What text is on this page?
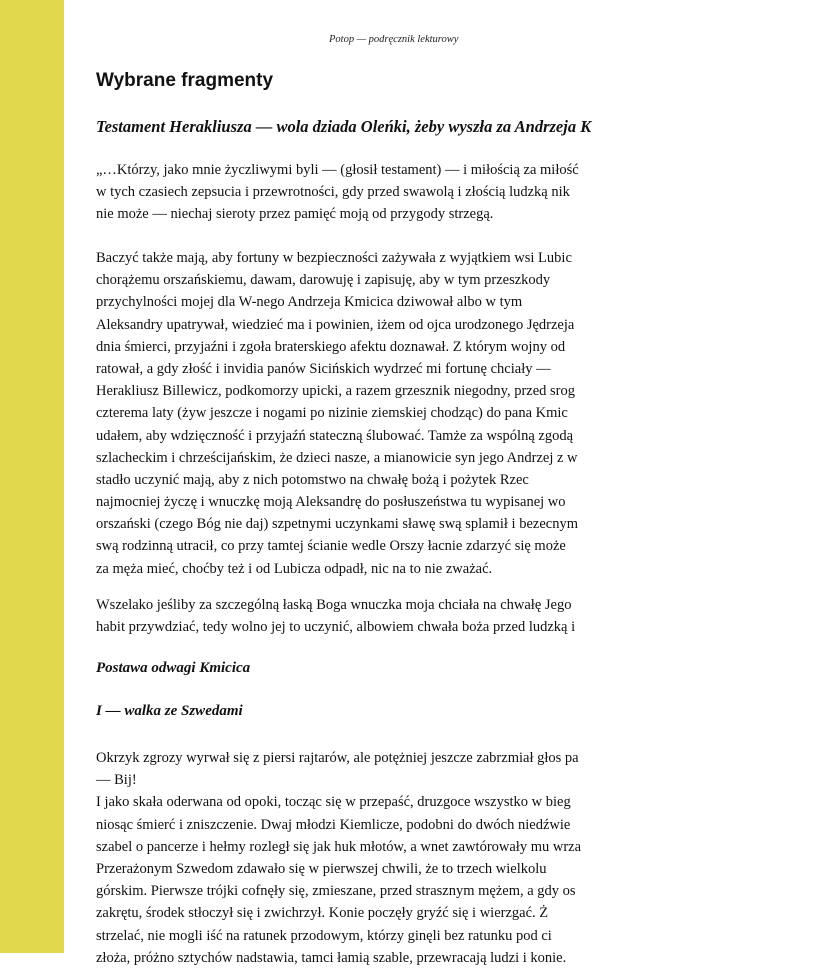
Potop — podręcznik lekturowy
Wybrane fragmenty
Testament Herakliusza — wola dziada Oleńki, żeby wyszła za Andrzeja K
„…Którzy, jako mnie życzliwymi byli — (głosił testament) — i miłością za miłość
w tych czasiech zepsucia i przewrotności, gdy przed swawolą i złością ludzką nik
nie może — niechaj sieroty przez pamięć moją od przygody strzegą.
Baczyć także mają, aby fortuny w bezpieczności zażywała z wyjątkiem wsi Lubic
chorążemu orszańskiemu, dawam, darowuję i zapisuję, aby w tym przeszkody
przychylności mojej dla W-nego Andrzeja Kmicica dziwował albo w tym
Aleksandry upatrywał, wiedzieć ma i powinien, iżem od ojca urodzonego Jędrzeja
dnia śmierci, przyjaźni i zgoła braterskiego afektu doznawał. Z którym wojny od
ratował, a gdy złość i invidia panów Sicińskich wydrzeć mi fortunę chciały —
Herakliusz Billewicz, podkomorzy upicki, a razem grzesznik niegodny, przed srog
czterema laty (żyw jeszcze i nogami po nizinie ziemskiej chodząc) do pana Kmic
udałem, aby wdzięczność i przyjaźń stateczną ślubować. Tamże za wspólną zgodą
szlacheckim i chrześcijańskim, że dzieci nasze, a mianowicie syn jego Andrzej z w
stadło uczynić mają, aby z nich potomstwo na chwałę bożą i pożytek Rzec
najmocniej życzę i wnuczkę moją Aleksandrę do posłuszeństwa tu wypisanej wo
orszański (czego Bóg nie daj) szpetnymi uczynkami sławę swą splamił i bezecnym
swą rodzinną utracił, co przy tamtej ścianie wedle Orszy łacnie zdarzyć się może
za męża mieć, choćby też i od Lubicza odpadł, nic na to nie zważać.
Wszelako jeśliby za szczególną łaską Boga wnuczka moja chciała na chwałę Jego
habit przywdziać, tedy wolno jej to uczynić, albowiem chwała boża przed ludzką i
Postawa odwagi Kmicica
I — walka ze Szwedami
Okrzyk zgrozy wyrwał się z piersi rajtarów, ale potężniej jeszcze zabrzmiał głos pa
— Bij!
I jako skała oderwana od opoki, tocząc się w przepaść, druzgoce wszystko w bieg
niosąc śmierć i zniszczenie. Dwaj młodzi Kiemlicze, podobni do dwóch niedźwie
szabel o pancerze i hełmy rozległ się jak huk młotów, a wnet zawtórowały mu wrza
Przerażonym Szwedom zdawało się w pierwszej chwili, że to trzech wielkolu
górskim. Pierwsze trójki cofnęły się, zmieszane, przed strasznym mężem, a gdy os
zakrętu, środek stłoczył się i zwichrzył. Konie poczęły gryźć się i wierzgać. Ż
strzelać, nie mogli iść na ratunek przodowym, którzy ginęli bez ratunku pod ci
złoża, próżno sztychów nadstawia, tamci łamią szable, przewracają ludzi i konie.
